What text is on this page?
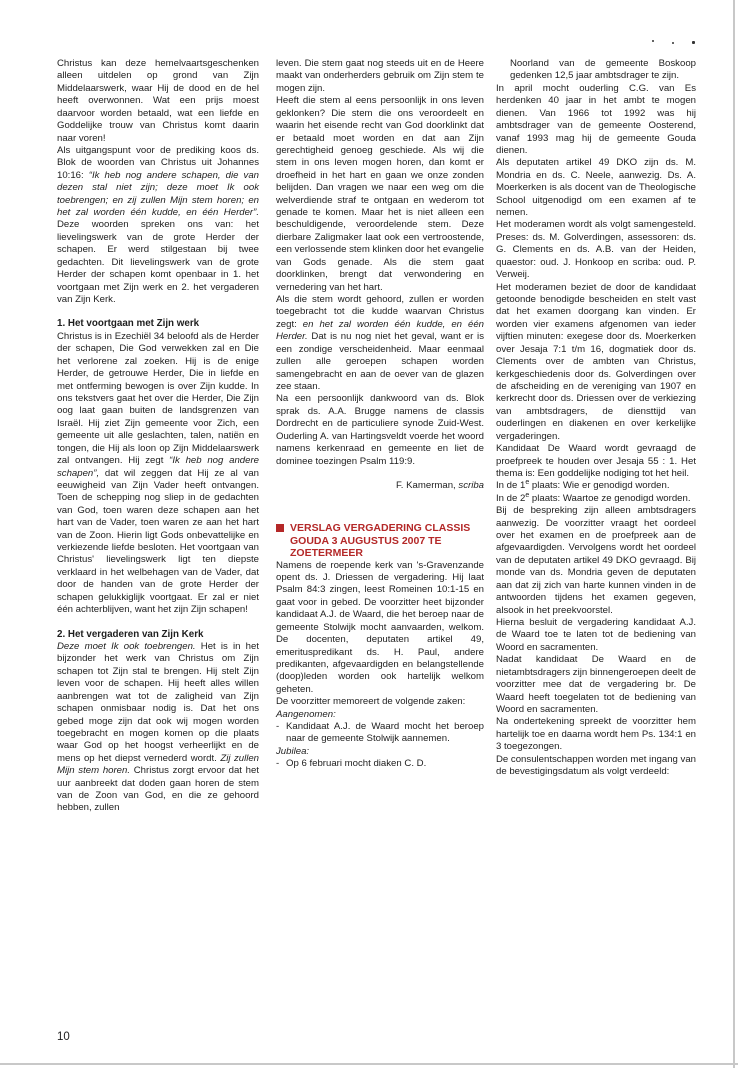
Christus kan deze hemelvaartsgeschenken alleen uitdelen op grond van Zijn Middelaarswerk, waar Hij de dood en de hel heeft overwonnen. Wat een prijs moest daarvoor worden betaald, wat een liefde en Goddelijke trouw van Christus komt daarin naar voren!

Als uitgangspunt voor de prediking koos ds. Blok de woorden van Christus uit Johannes 10:16: “Ik heb nog andere schapen, die van dezen stal niet zijn; deze moet Ik ook toebrengen; en zij zullen Mijn stem horen; en het zal worden één kudde, en één Herder”. Deze woorden spreken ons van: het lievelingswerk van de grote Herder der schapen. Er werd stilgestaan bij twee gedachten. Dit lievelingswerk van de grote Herder der schapen komt openbaar in 1. het voortgaan met Zijn werk en 2. het vergaderen van Zijn Kerk.

1. Het voortgaan met Zijn werk

Christus is in Ezechiël 34 beloofd als de Herder der schapen, Die God verwekken zal en Die het verlorene zal zoeken. Hij is de enige Herder, de getrouwe Herder, Die in liefde en met ontferming bewogen is over Zijn kudde. In ons tekstvers gaat het over die Herder, Die Zijn oog laat gaan buiten de landsgrenzen van Israël. Hij ziet Zijn gemeente voor Zich, een gemeente uit alle geslachten, talen, natiën en tongen, die Hij als loon op Zijn Middelaarswerk zal ontvangen. Hij zegt “Ik heb nog andere schapen”, dat wil zeggen dat Hij ze al van eeuwigheid van Zijn Vader heeft ontvangen. Toen de schepping nog sliep in de gedachten van God, toen waren deze schapen aan het hart van de Vader, toen waren ze aan het hart van de Zoon. Hierin ligt Gods onbevattelijke en verkiezende liefde besloten. Het voortgaan van Christus' lievelingswerk ligt ten diepste verklaard in het welbehagen van de Vader, dat door de handen van de grote Herder der schapen gelukkiglijk voortgaat. Er zal er niet één achterblijven, want het zijn Zijn schapen!

2. Het vergaderen van Zijn Kerk

Deze moet Ik ook toebrengen. Het is in het bijzonder het werk van Christus om Zijn schapen tot Zijn stal te brengen. Hij stelt Zijn leven voor de schapen. Hij heeft alles willen aanbrengen wat tot de zaligheid van Zijn schapen onmisbaar nodig is. Dat het ons gebed moge zijn dat ook wij mogen worden toegebracht en mogen komen op die plaats waar God op het hoogst verheerlijkt en de mens op het diepst vernederd wordt. Zij zullen Mijn stem horen. Christus zorgt ervoor dat het uur aanbreekt dat doden gaan horen de stem van de Zoon van God, en die ze gehoord hebben, zullen

leven. Die stem gaat nog steeds uit en de Heere maakt van onderherders gebruik om Zijn stem te mogen zijn.

Heeft die stem al eens persoonlijk in ons leven geklonken? Die stem die ons veroordeelt en waarin het eisende recht van God doorklinkt dat er betaald moet worden en dat aan Zijn gerechtigheid genoeg geschiede. Als wij die stem in ons leven mogen horen, dan komt er droefheid in het hart en gaan we onze zonden belijden. Dan vragen we naar een weg om die welverdiende straf te ontgaan en wederom tot genade te komen. Maar het is niet alleen een beschuldigende, veroordelende stem. Deze dierbare Zaligmaker laat ook een vertroostende, een verlossende stem klinken door het evangelie van Gods genade. Als die stem gaat doorklinken, brengt dat verwondering en vernedering van het hart.

Als die stem wordt gehoord, zullen er worden toegebracht tot die kudde waarvan Christus zegt: en het zal worden één kudde, en één Herder. Dat is nu nog niet het geval, want er is een zondige verscheidenheid. Maar eenmaal zullen alle geroepen schapen worden samengebracht en aan de oever van de glazen zee staan.

Na een persoonlijk dankwoord van ds. Blok sprak ds. A.A. Brugge namens de classis Dordrecht en de particuliere synode Zuid-West. Ouderling A. van Hartingsveldt voerde het woord namens kerkenraad en gemeente en liet de dominee toezingen Psalm 119:9.

F. Kamerman, scriba

VERSLAG VERGADERING CLASSIS GOUDA 3 AUGUSTUS 2007 TE ZOETERMEER

Namens de roepende kerk van 's-Gravenzande opent ds. J. Driessen de vergadering. Hij laat Psalm 84:3 zingen, leest Romeinen 10:1-15 en gaat voor in gebed. De voorzitter heet bijzonder kandidaat A.J. de Waard, die het beroep naar de gemeente Stolwijk mocht aanvaarden, welkom. De docenten, deputaten artikel 49, emerituspredikant ds. H. Paul, andere predikanten, afgevaardigden en belangstellende (doop)leden worden ook hartelijk welkom geheten.

De voorzitter memoreert de volgende zaken:

Aangenomen:

- Kandidaat A.J. de Waard mocht het beroep naar de gemeente Stolwijk aannemen.

Jubilea:

- Op 6 februari mocht diaken C. D.

Noorland van de gemeente Boskoop gedenken 12,5 jaar ambtsdrager te zijn.

In april mocht ouderling C.G. van Es herdenken 40 jaar in het ambt te mogen dienen. Van 1966 tot 1992 was hij ambtsdrager van de gemeente Oosterend, vanaf 1993 mag hij de gemeente Gouda dienen.

Als deputaten artikel 49 DKO zijn ds. M. Mondria en ds. C. Neele, aanwezig. Ds. A. Moerkerken is als docent van de Theologische School uitgenodigd om een examen af te nemen.

Het moderamen wordt als volgt samengesteld. Preses: ds. M. Golverdingen, assessoren: ds. G. Clements en ds. A.B. van der Heiden, quaestor: oud. J. Honkoop en scriba: oud. P. Verweij.

Het moderamen beziet de door de kandidaat getoonde benodigde bescheiden en stelt vast dat het examen doorgang kan vinden. Er worden vier examens afgenomen van ieder vijftien minuten: exegese door ds. Moerkerken over Jesaja 7:1 t/m 16, dogmatiek door ds. Clements over de ambten van Christus, kerkgeschiedenis door ds. Golverdingen over de afscheiding en de vereniging van 1907 en kerkrecht door ds. Driessen over de verkiezing van ambtsdragers, de diensttijd van ouderlingen en diakenen en over kerkelijke vergaderingen.

Kandidaat De Waard wordt gevraagd de proefpreek te houden over Jesaja 55 : 1. Het thema is: Een goddelijke nodiging tot het heil.

In de 1e plaats: Wie er genodigd worden.

In de 2e plaats: Waartoe ze genodigd worden.

Bij de bespreking zijn alleen ambtsdragers aanwezig. De voorzitter vraagt het oordeel over het examen en de proefpreek aan de afgevaardigden. Vervolgens wordt het oordeel van de deputaten artikel 49 DKO gevraagd. Bij monde van ds. Mondria geven de deputaten aan dat zij zich van harte kunnen vinden in de antwoorden tijdens het examen gegeven, alsook in het preekvoorstel.

Hierna besluit de vergadering kandidaat A.J. de Waard toe te laten tot de bediening van Woord en sacramenten.

Nadat kandidaat De Waard en de nietambtsdragers zijn binnengeroepen deelt de voorzitter mee dat de vergadering br. De Waard heeft toegelaten tot de bediening van Woord en sacramenten.

Na ondertekening spreekt de voorzitter hem hartelijk toe en daarna wordt hem Ps. 134:1 en 3 toegezongen.

De consulentschappen worden met ingang van de bevestigingsdatum als volgt verdeeld:

10
